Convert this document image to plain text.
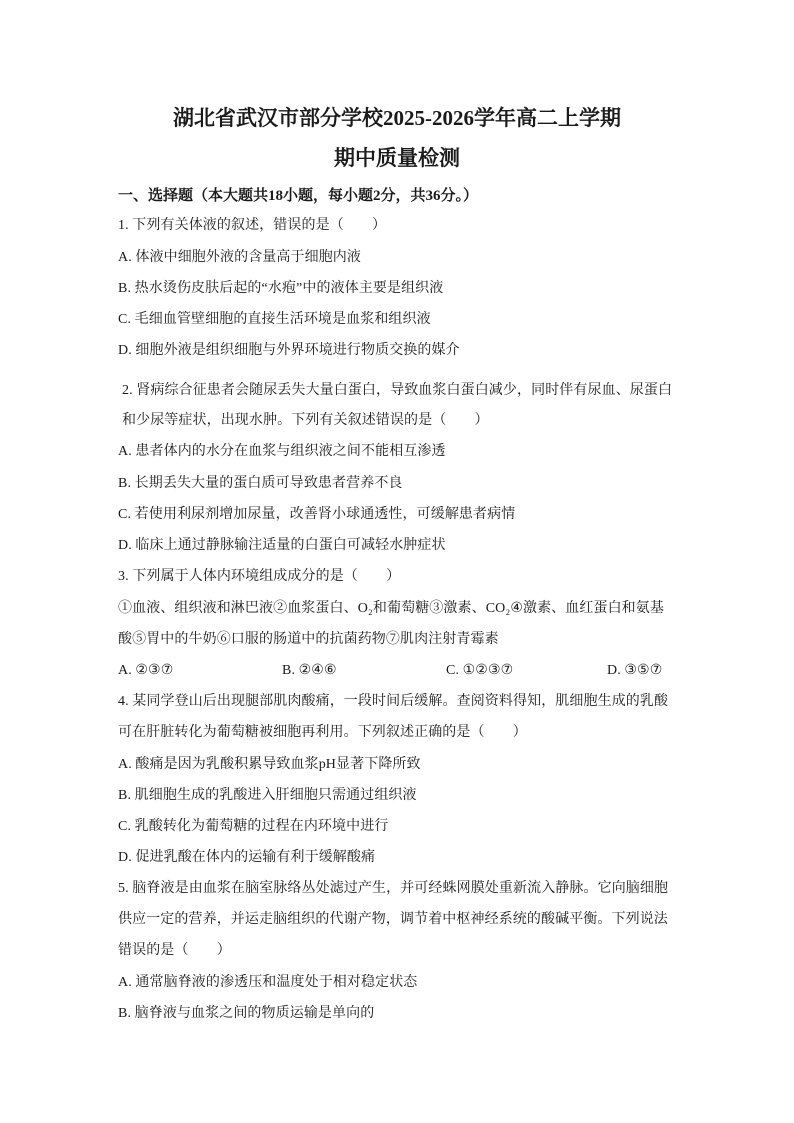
湖北省武汉市部分学校2025-2026学年高二上学期
期中质量检测
一、选择题（本大题共18小题，每小题2分，共36分。）
1. 下列有关体液的叙述，错误的是（　　）
A. 体液中细胞外液的含量高于细胞内液
B. 热水烫伤皮肤后起的“水疱”中的液体主要是组织液
C. 毛细血管壁细胞的直接生活环境是血浆和组织液
D. 细胞外液是组织细胞与外界环境进行物质交换的媒介
2. 肾病综合征患者会随尿丢失大量白蛋白，导致血浆白蛋白减少，同时伴有尿血、尿蛋白
和少尿等症状，出现水肿。下列有关叙述错误的是（　　）
A. 患者体内的水分在血浆与组织液之间不能相互渗透
B. 长期丢失大量的蛋白质可导致患者营养不良
C. 若使用利尿剂增加尿量，改善肾小球通透性，可缓解患者病情
D. 临床上通过静脉输注适量的白蛋白可减轻水肿症状
3. 下列属于人体内环境组成成分的是（　　）
①血液、组织液和淋巴液②血浆蛋白、O₂和葡萄糖③激素、CO₂④激素、血红蛋白和氨基
酸⑤胃中的牛奶⑥口服的肠道中的抗菌药物⑦肌肉注射青霉素
A. ②③⑦	B. ②④⑥	C. ①②③⑦	D. ③⑤⑦
4. 某同学登山后出现腿部肌肉酸痛，一段时间后缓解。查阅资料得知，肌细胞生成的乳酸
可在肝脏转化为葡萄糖被细胞再利用。下列叙述正确的是（　　）
A. 酸痛是因为乳酸积累导致血浆pH显著下降所致
B. 肌细胞生成的乳酸进入肝细胞只需通过组织液
C. 乳酸转化为葡萄糖的过程在内环境中进行
D. 促进乳酸在体内的运输有利于缓解酸痛
5. 脑脊液是由血浆在脑室脉络丛处滤过产生，并可经蛛网膜处重新流入静脉。它向脑细胞
供应一定的营养，并运走脑组织的代谢产物，调节着中枢神经系统的酸碱平衡。下列说法
错误的是（　　）
A. 通常脑脊液的渗透压和温度处于相对稳定状态
B. 脑脊液与血浆之间的物质运输是单向的
